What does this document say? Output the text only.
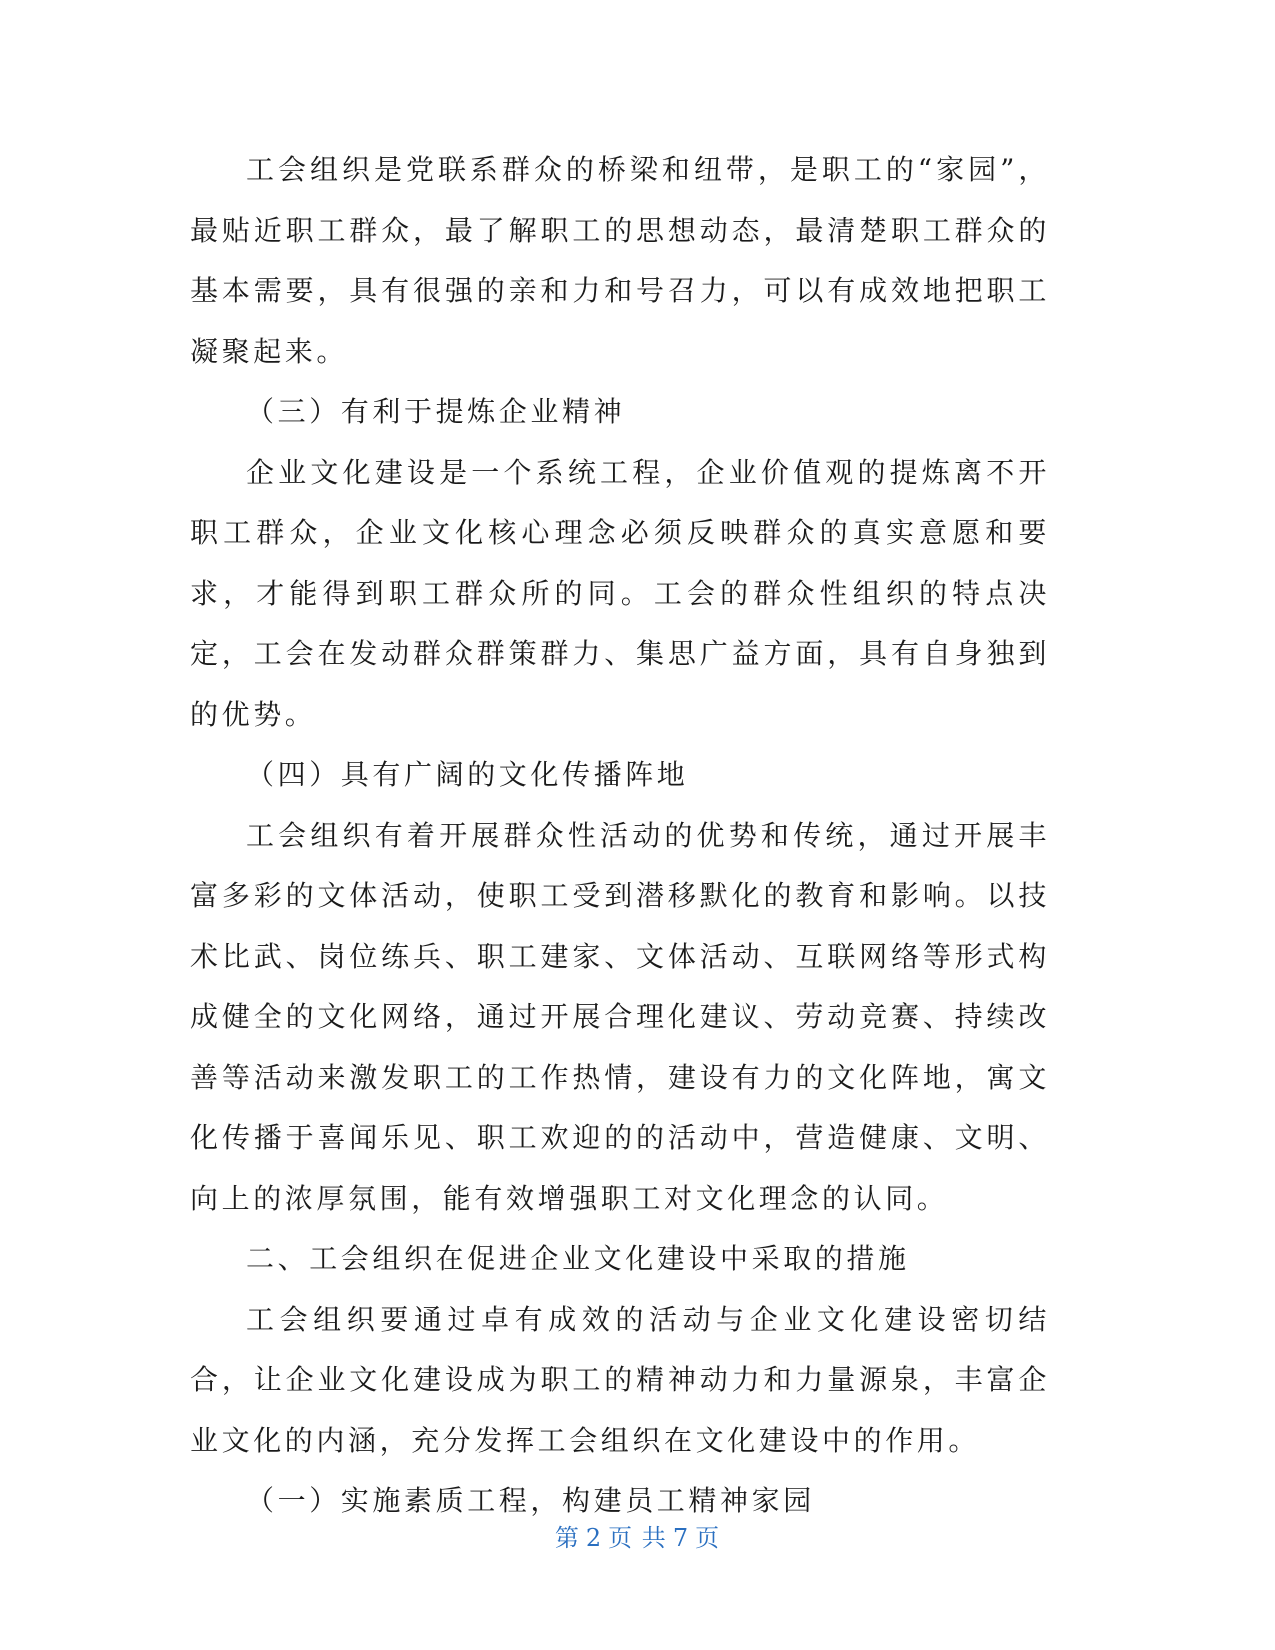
工会组织是党联系群众的桥梁和纽带，是职工的“家园”，最贴近职工群众，最了解职工的思想动态，最清楚职工群众的基本需要，具有很强的亲和力和号召力，可以有成效地把职工凝聚起来。

（三）有利于提炼企业精神

企业文化建设是一个系统工程，企业价值观的提炼离不开职工群众，企业文化核心理念必须反映群众的真实意愿和要求，才能得到职工群众所的同。工会的群众性组织的特点决定，工会在发动群众群策群力、集思广益方面，具有自身独到的优势。

（四）具有广阔的文化传播阵地

工会组织有着开展群众性活动的优势和传统，通过开展丰富多彩的文体活动，使职工受到潜移默化的教育和影响。以技术比武、岗位练兵、职工建家、文体活动、互联网络等形式构成健全的文化网络，通过开展合理化建议、劳动竞赛、持续改善等活动来激发职工的工作热情，建设有力的文化阵地，寓文化传播于喜闻乐见、职工欢迎的的活动中，营造健康、文明、向上的浓厚氛围，能有效增强职工对文化理念的认同。

二、工会组织在促进企业文化建设中采取的措施

工会组织要通过卓有成效的活动与企业文化建设密切结合，让企业文化建设成为职工的精神动力和力量源泉，丰富企业文化的内涵，充分发挥工会组织在文化建设中的作用。

（一）实施素质工程，构建员工精神家园

第 2 页 共 7 页
